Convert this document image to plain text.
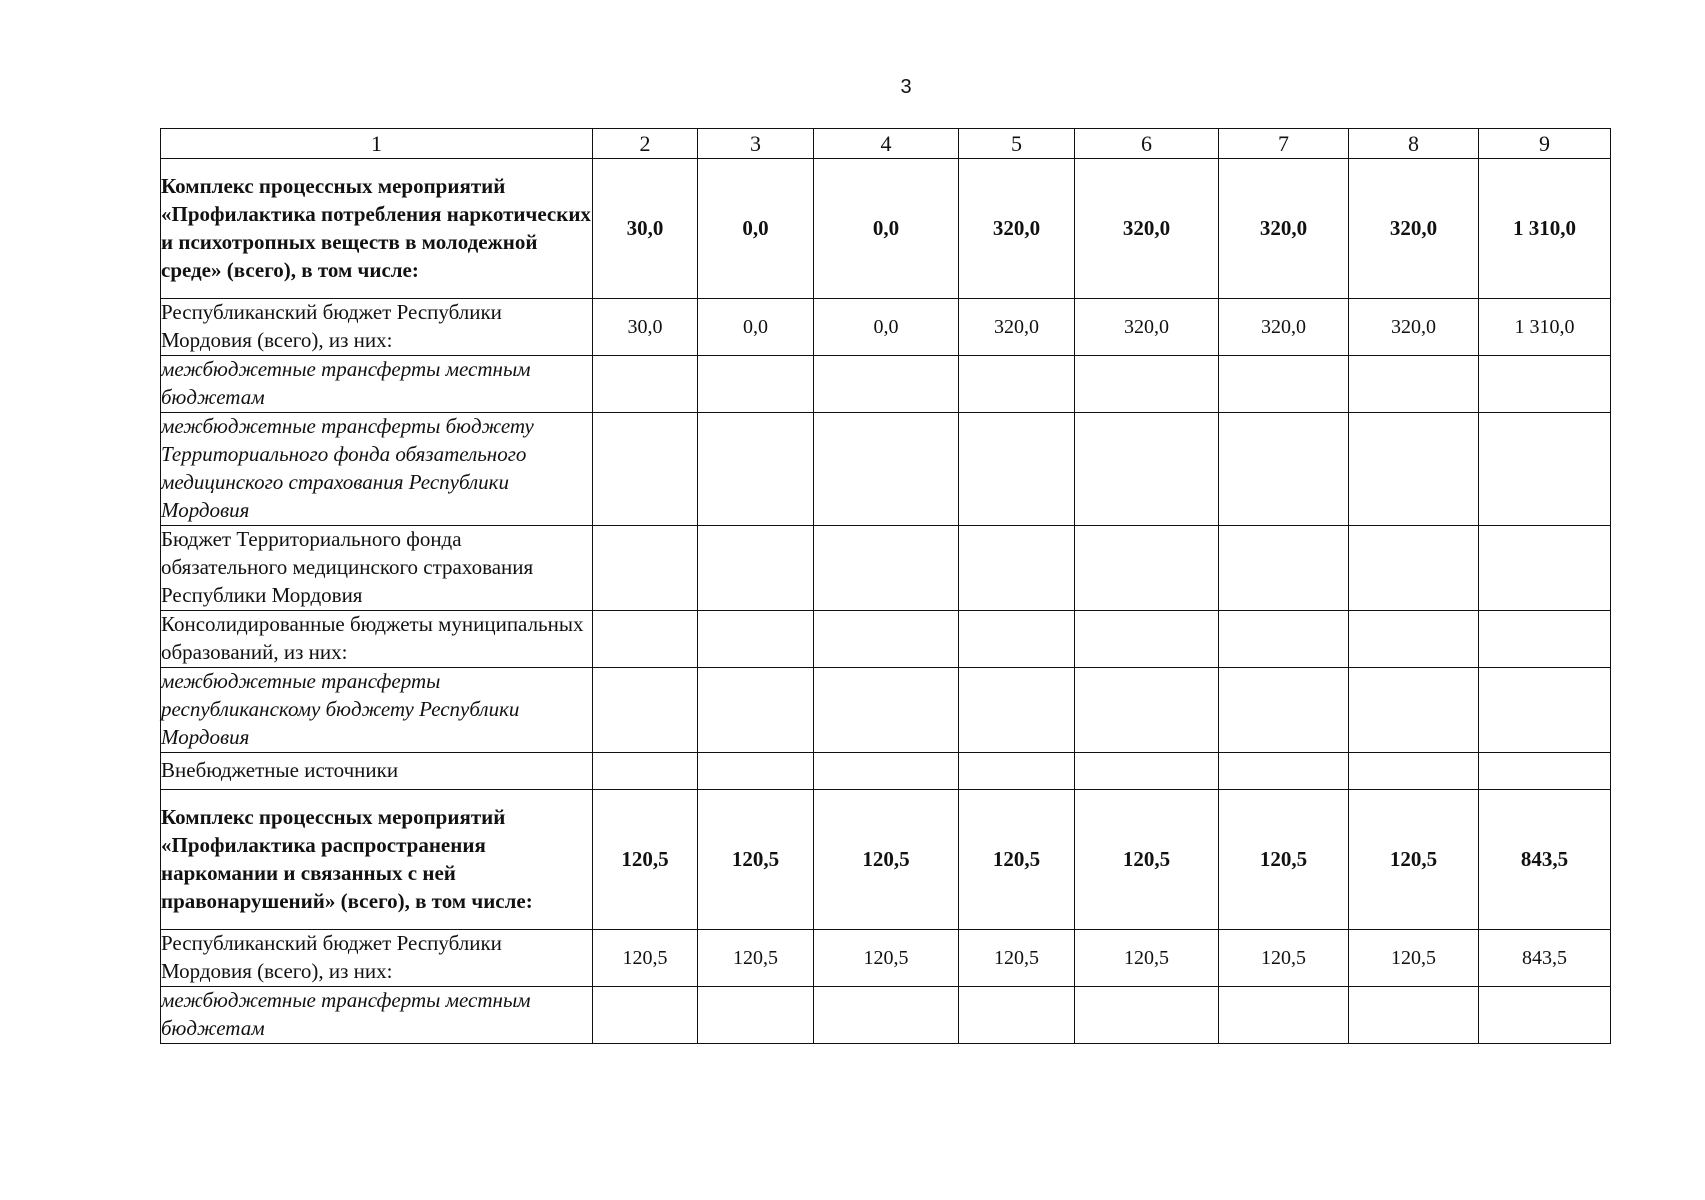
3
1	2	3	4	5	6	7	8	9
Комплекс процессных мероприятий «Профилактика потребления наркотических и психотропных веществ в молодежной среде» (всего), в том числе:	30,0	0,0	0,0	320,0	320,0	320,0	320,0	1 310,0
Республиканский бюджет Республики Мордовия (всего), из них:	30,0	0,0	0,0	320,0	320,0	320,0	320,0	1 310,0
межбюджетные трансферты местным бюджетам								
межбюджетные трансферты бюджету Территориального фонда обязательного медицинского страхования Республики Мордовия								
Бюджет Территориального фонда обязательного медицинского страхования Республики Мордовия								
Консолидированные бюджеты муниципальных образований, из них:								
межбюджетные трансферты республиканскому бюджету Республики Мордовия								
Внебюджетные источники								
Комплекс процессных мероприятий «Профилактика распространения наркомании и связанных с ней правонарушений» (всего), в том числе:	120,5	120,5	120,5	120,5	120,5	120,5	120,5	843,5
Республиканский бюджет Республики Мордовия (всего), из них:	120,5	120,5	120,5	120,5	120,5	120,5	120,5	843,5
межбюджетные трансферты местным бюджетам								
